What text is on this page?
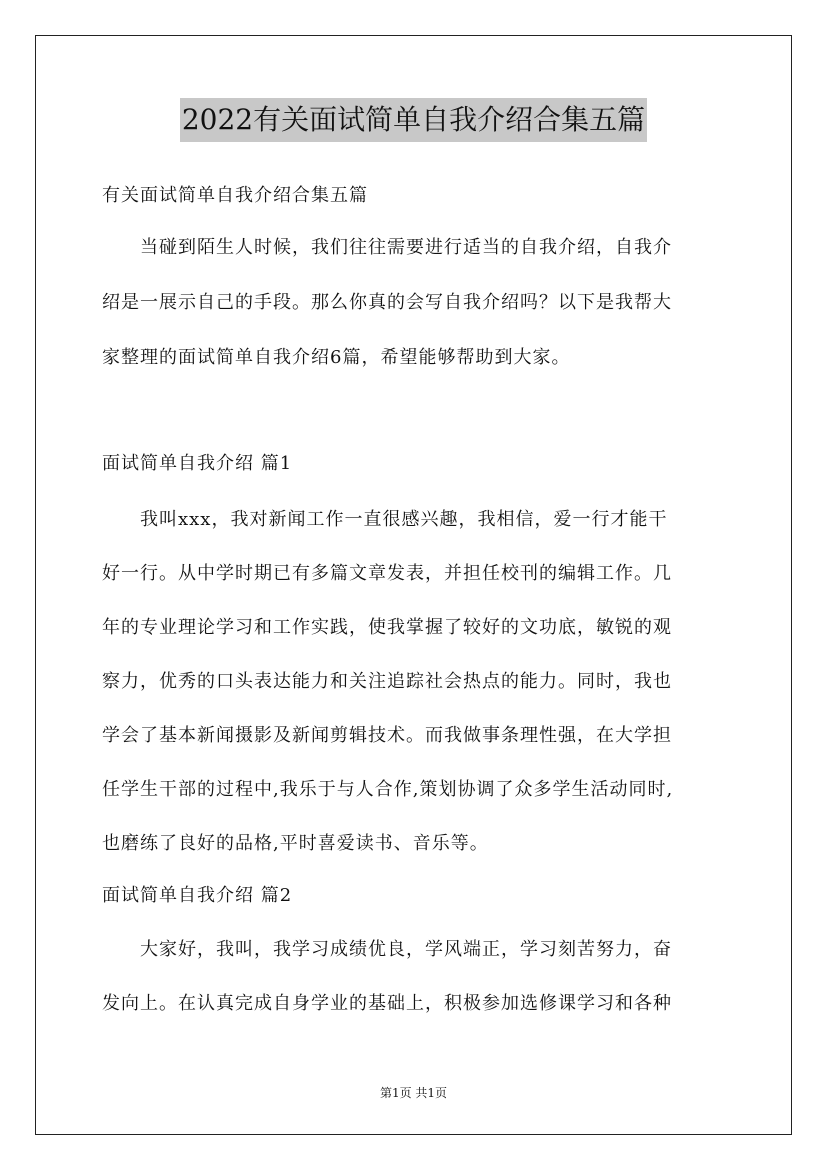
2022有关面试简单自我介绍合集五篇
有关面试简单自我介绍合集五篇
　　当碰到陌生人时候，我们往往需要进行适当的自我介绍，自我介
绍是一展示自己的手段。那么你真的会写自我介绍吗？以下是我帮大
家整理的面试简单自我介绍6篇，希望能够帮助到大家。
面试简单自我介绍 篇1
　　我叫xxx，我对新闻工作一直很感兴趣，我相信，爱一行才能干
好一行。从中学时期已有多篇文章发表，并担任校刊的编辑工作。几
年的专业理论学习和工作实践，使我掌握了较好的文功底，敏锐的观
察力，优秀的口头表达能力和关注追踪社会热点的能力。同时，我也
学会了基本新闻摄影及新闻剪辑技术。而我做事条理性强，在大学担
任学生干部的过程中,我乐于与人合作,策划协调了众多学生活动同时,
也磨练了良好的品格,平时喜爱读书、音乐等。
面试简单自我介绍 篇2
　　大家好，我叫，我学习成绩优良，学风端正，学习刻苦努力，奋
发向上。在认真完成自身学业的基础上，积极参加选修课学习和各种
第1页 共1页
